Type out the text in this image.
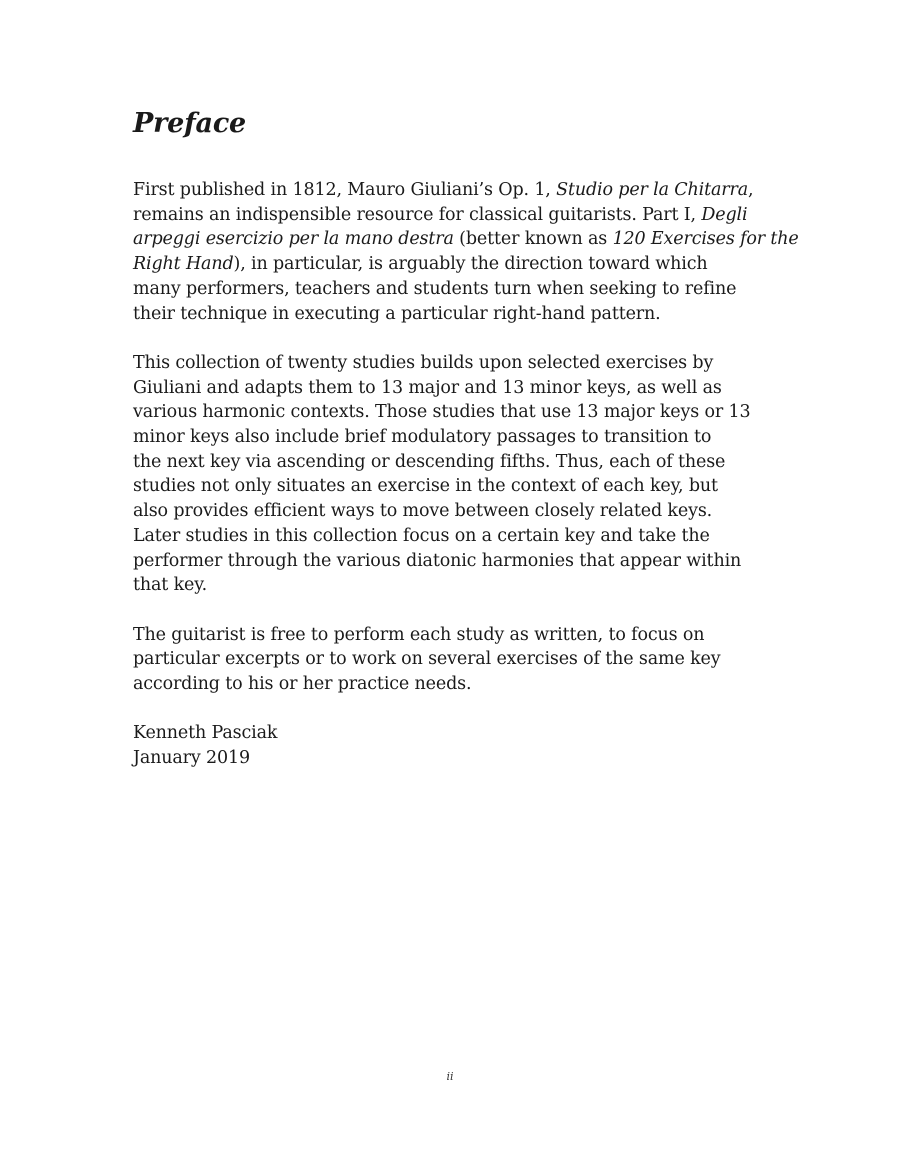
Preface

First published in 1812, Mauro Giuliani’s Op. 1, Studio per la Chitarra,
remains an indispensible resource for classical guitarists. Part I, Degli
arpeggi esercizio per la mano destra (better known as 120 Exercises for the
Right Hand), in particular, is arguably the direction toward which
many performers, teachers and students turn when seeking to refine
their technique in executing a particular right-hand pattern.

This collection of twenty studies builds upon selected exercises by
Giuliani and adapts them to 13 major and 13 minor keys, as well as
various harmonic contexts. Those studies that use 13 major keys or 13
minor keys also include brief modulatory passages to transition to
the next key via ascending or descending fifths. Thus, each of these
studies not only situates an exercise in the context of each key, but
also provides efficient ways to move between closely related keys.
Later studies in this collection focus on a certain key and take the
performer through the various diatonic harmonies that appear within
that key.

The guitarist is free to perform each study as written, to focus on
particular excerpts or to work on several exercises of the same key
according to his or her practice needs.

Kenneth Pasciak
January 2019

ii
